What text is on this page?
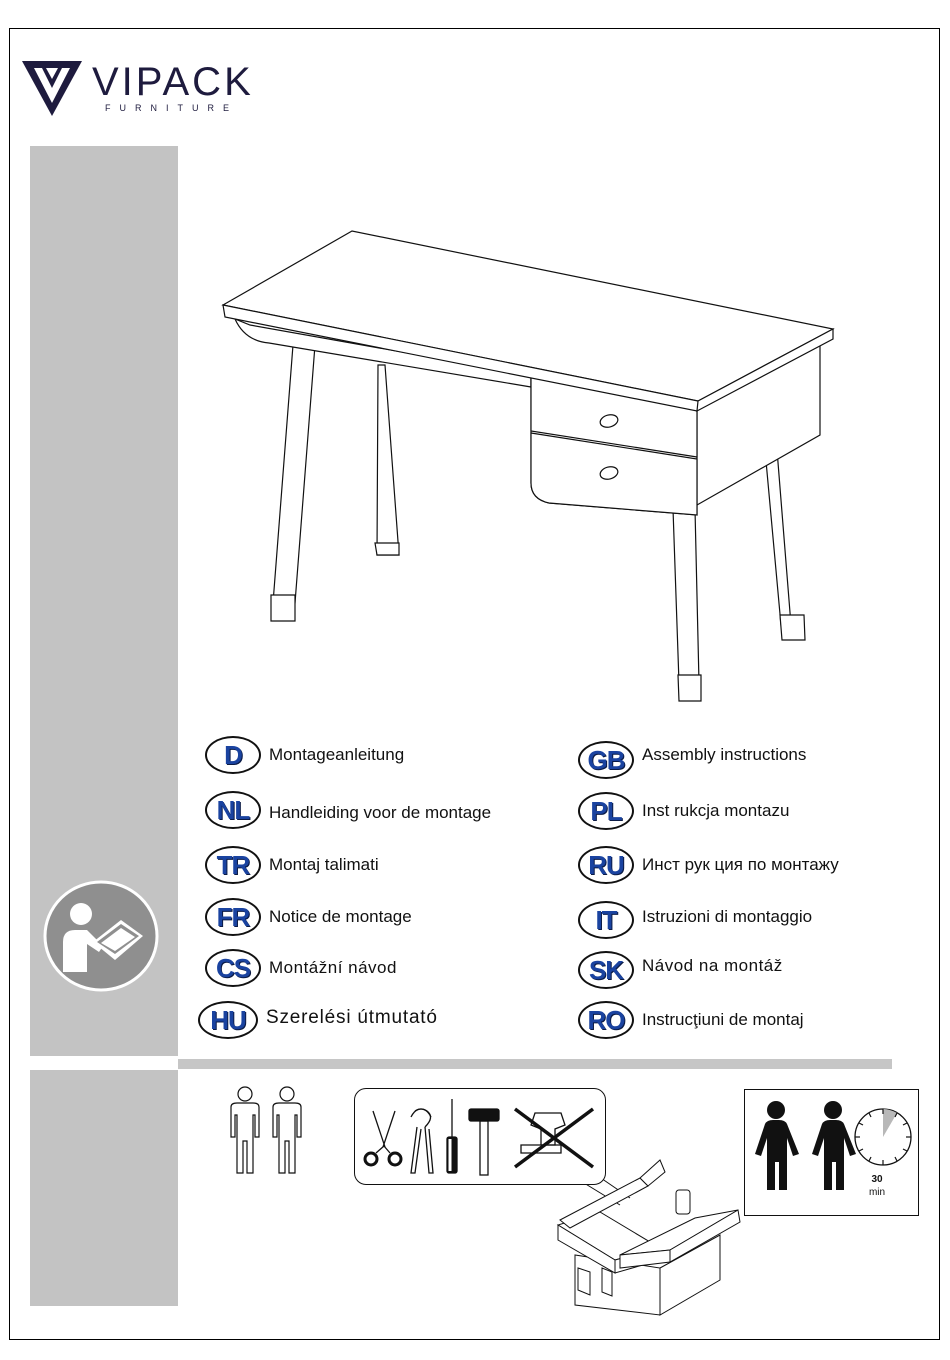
VIPACK
FURNITURE
D	Montageanleitung	GB	Assembly instructions
NL	Handleiding voor de montage	PL	Inst rukcja montazu
TR	Montaj talimati	RU	Инст рук ция по монтажу
FR	Notice de montage	IT	Istruzioni di montaggio
CS	Montážní návod	SK	Návod na montáž
HU	Szerelési útmutató	RO	Instrucţiuni de montaj
30
min
